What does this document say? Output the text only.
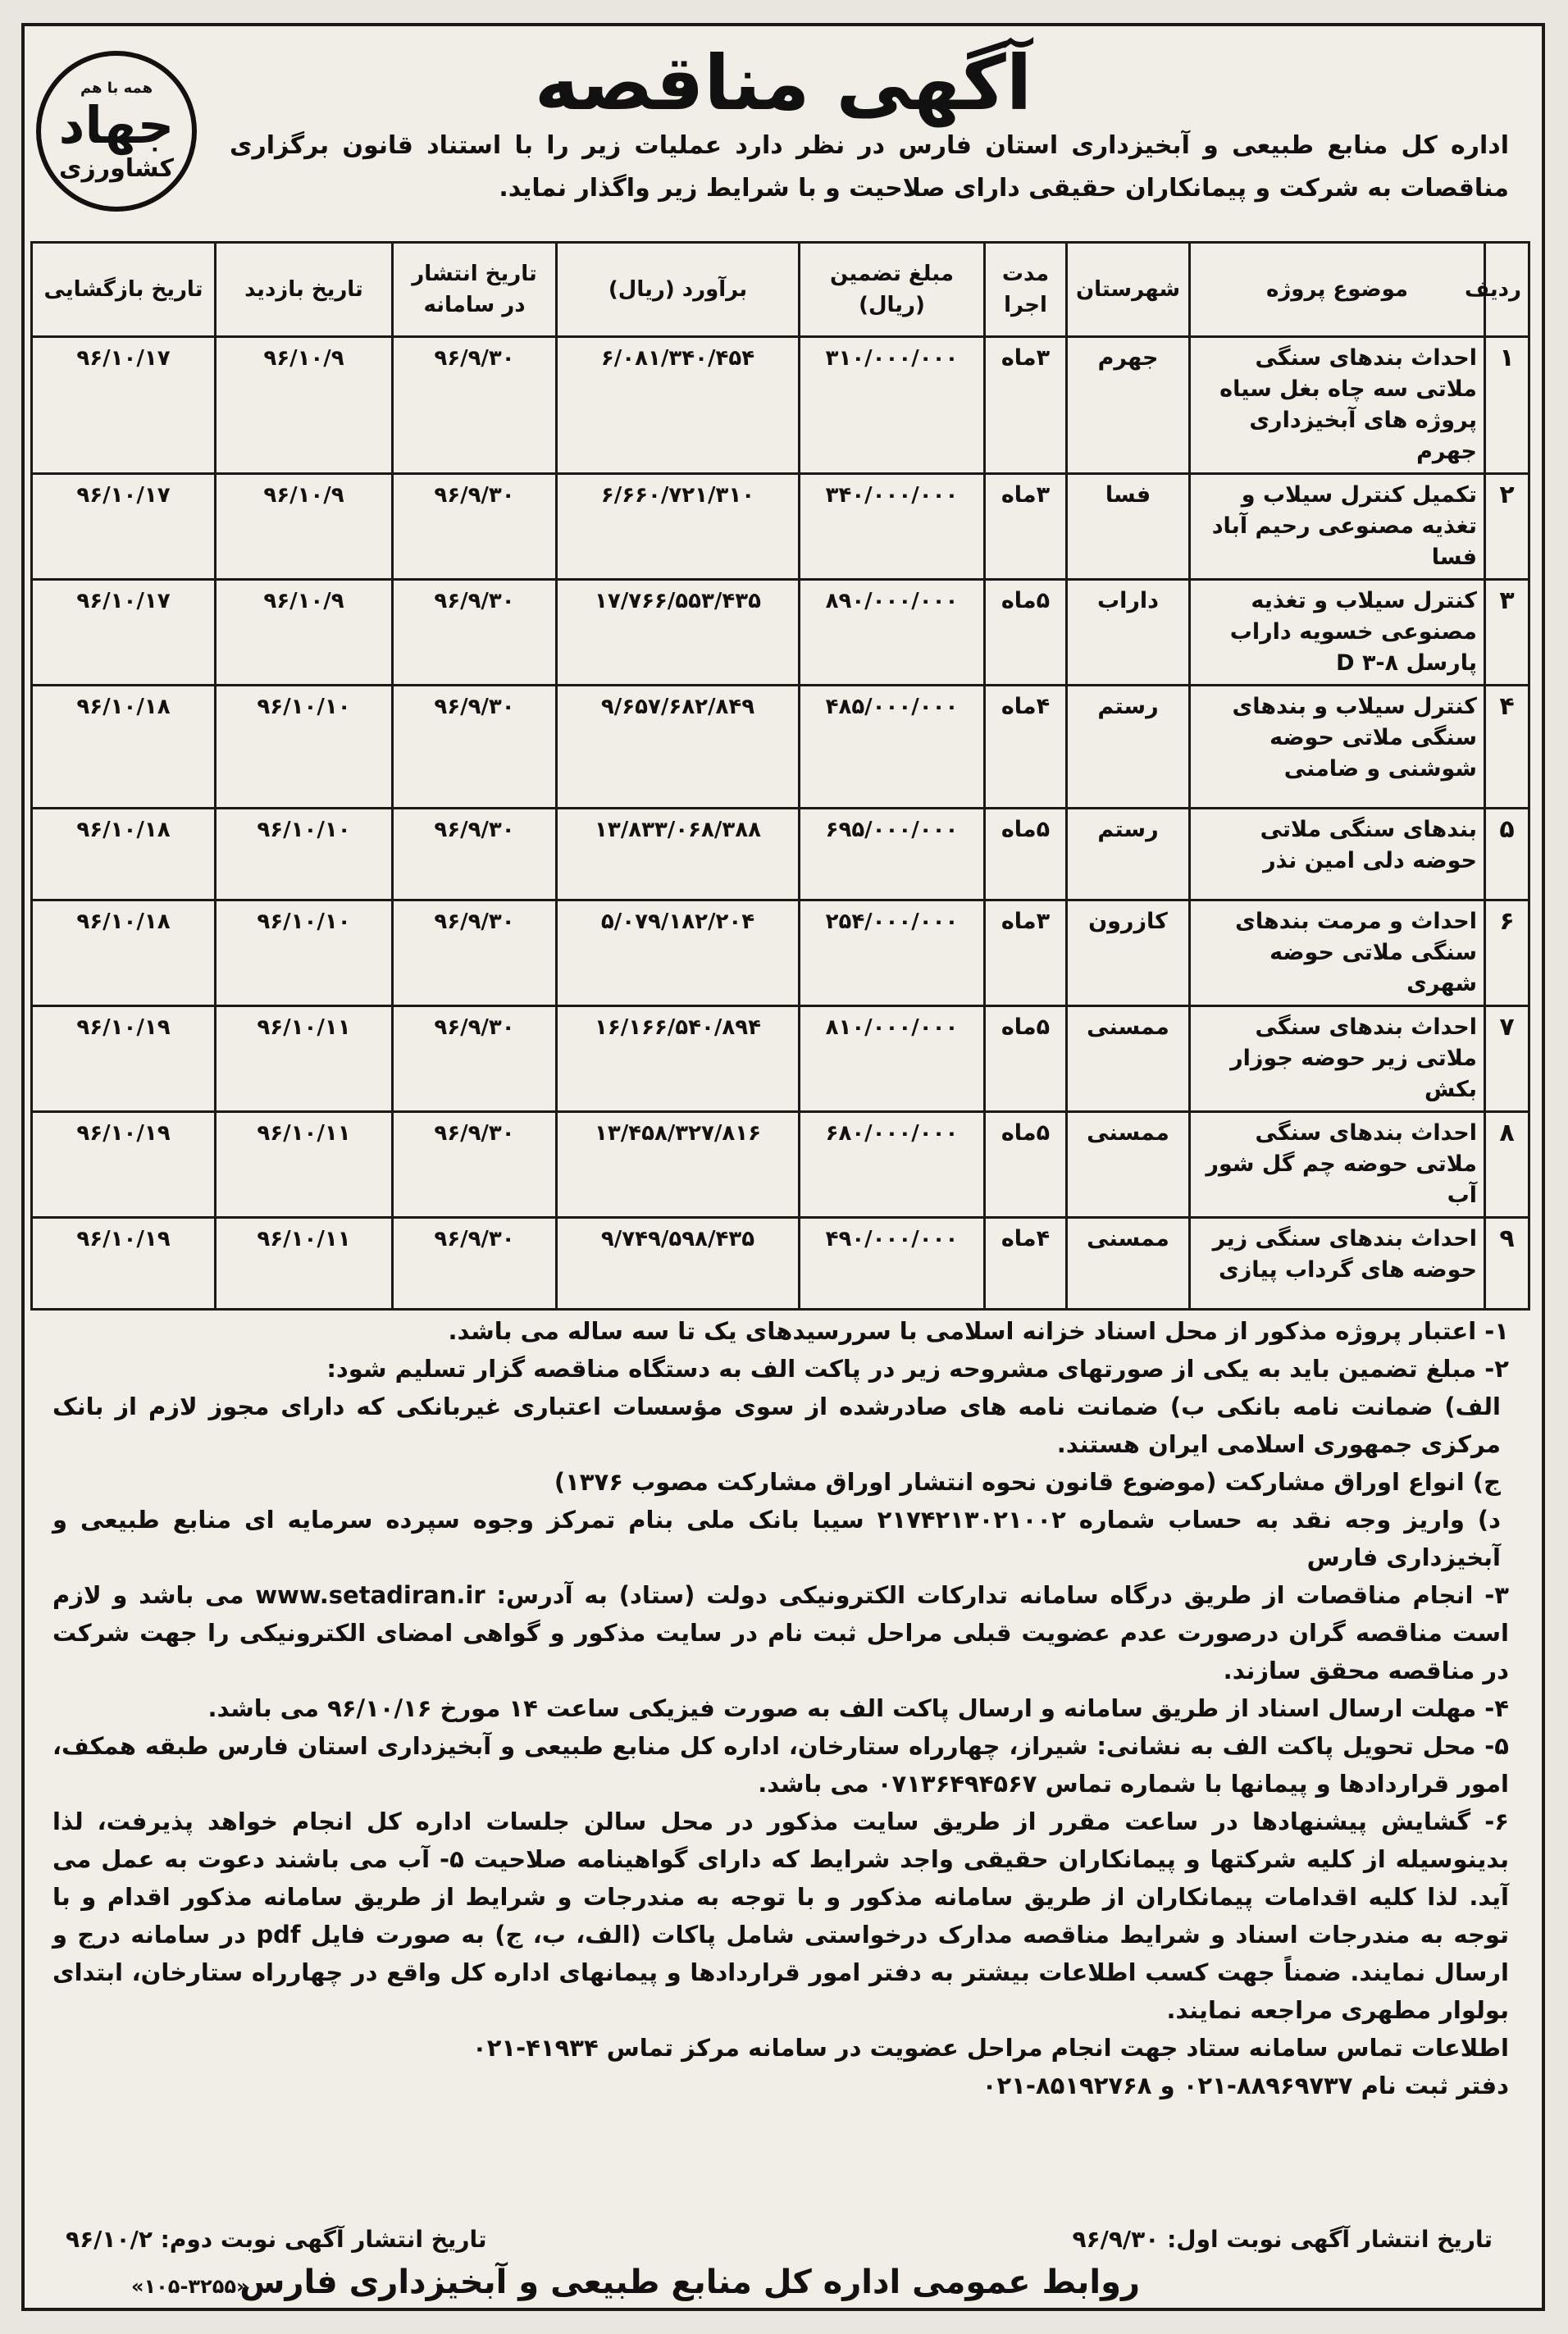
همه با هم
جهاد
کشاورزی
آگهی مناقصه

اداره کل منابع طبیعی و آبخیزداری استان فارس در نظر دارد عملیات زیر را با استناد قانون برگزاری مناقصات به شرکت و پیمانکاران حقیقی دارای صلاحیت و با شرایط زیر واگذار نماید.

ردیف	موضوع پروژه	شهرستان	مدت اجرا	مبلغ تضمین (ریال)	برآورد (ریال)	تاریخ انتشار در سامانه	تاریخ بازدید	تاریخ بازگشایی
۱	احداث بندهای سنگی ملاتی سه چاه بغل سیاه پروژه های آبخیزداری جهرم	جهرم	۳ماه	۳۱۰/۰۰۰/۰۰۰	۶/۰۸۱/۳۴۰/۴۵۴	۹۶/۹/۳۰	۹۶/۱۰/۹	۹۶/۱۰/۱۷
۲	تکمیل کنترل سیلاب و تغذیه مصنوعی رحیم آباد فسا	فسا	۳ماه	۳۴۰/۰۰۰/۰۰۰	۶/۶۶۰/۷۲۱/۳۱۰	۹۶/۹/۳۰	۹۶/۱۰/۹	۹۶/۱۰/۱۷
۳	کنترل سیلاب و تغذیه مصنوعی خسویه داراب پارسل D ۳-۸	داراب	۵ماه	۸۹۰/۰۰۰/۰۰۰	۱۷/۷۶۶/۵۵۳/۴۳۵	۹۶/۹/۳۰	۹۶/۱۰/۹	۹۶/۱۰/۱۷
۴	کنترل سیلاب و بندهای سنگی ملاتی حوضه شوشنی و ضامنی	رستم	۴ماه	۴۸۵/۰۰۰/۰۰۰	۹/۶۵۷/۶۸۲/۸۴۹	۹۶/۹/۳۰	۹۶/۱۰/۱۰	۹۶/۱۰/۱۸
۵	بندهای سنگی ملاتی حوضه دلی امین نذر	رستم	۵ماه	۶۹۵/۰۰۰/۰۰۰	۱۳/۸۳۳/۰۶۸/۳۸۸	۹۶/۹/۳۰	۹۶/۱۰/۱۰	۹۶/۱۰/۱۸
۶	احداث و مرمت بندهای سنگی ملاتی حوضه شهری	کازرون	۳ماه	۲۵۴/۰۰۰/۰۰۰	۵/۰۷۹/۱۸۲/۲۰۴	۹۶/۹/۳۰	۹۶/۱۰/۱۰	۹۶/۱۰/۱۸
۷	احداث بندهای سنگی ملاتی زیر حوضه جوزار بکش	ممسنی	۵ماه	۸۱۰/۰۰۰/۰۰۰	۱۶/۱۶۶/۵۴۰/۸۹۴	۹۶/۹/۳۰	۹۶/۱۰/۱۱	۹۶/۱۰/۱۹
۸	احداث بندهای سنگی ملاتی حوضه چم گل شور آب	ممسنی	۵ماه	۶۸۰/۰۰۰/۰۰۰	۱۳/۴۵۸/۳۲۷/۸۱۶	۹۶/۹/۳۰	۹۶/۱۰/۱۱	۹۶/۱۰/۱۹
۹	احداث بندهای سنگی زیر حوضه های گرداب پیازی	ممسنی	۴ماه	۴۹۰/۰۰۰/۰۰۰	۹/۷۴۹/۵۹۸/۴۳۵	۹۶/۹/۳۰	۹۶/۱۰/۱۱	۹۶/۱۰/۱۹

۱- اعتبار پروژه مذکور از محل اسناد خزانه اسلامی با سررسیدهای یک تا سه ساله می باشد.

۲- مبلغ تضمین باید به یکی از صورتهای مشروحه زیر در پاکت الف به دستگاه مناقصه گزار تسلیم شود:

الف) ضمانت نامه بانکی ب) ضمانت نامه های صادرشده از سوی مؤسسات اعتباری غیربانکی که دارای مجوز لازم از بانک مرکزی جمهوری اسلامی ایران هستند.

ج) انواع اوراق مشارکت (موضوع قانون نحوه انتشار اوراق مشارکت مصوب ۱۳۷۶)

د) واریز وجه نقد به حساب شماره ۲۱۷۴۲۱۳۰۲۱۰۰۲ سیبا بانک ملی بنام تمرکز وجوه سپرده سرمایه ای منابع طبیعی و آبخیزداری فارس

۳- انجام مناقصات از طریق درگاه سامانه تدارکات الکترونیکی دولت (ستاد) به آدرس: www.setadiran.ir می باشد و لازم است مناقصه گران درصورت عدم عضویت قبلی مراحل ثبت نام در سایت مذکور و گواهی امضای الکترونیکی را جهت شرکت در مناقصه محقق سازند.

۴- مهلت ارسال اسناد از طریق سامانه و ارسال پاکت الف به صورت فیزیکی ساعت ۱۴ مورخ ۹۶/۱۰/۱۶ می باشد.

۵- محل تحویل پاکت الف به نشانی: شیراز، چهارراه ستارخان، اداره کل منابع طبیعی و آبخیزداری استان فارس طبقه همکف، امور قراردادها و پیمانها با شماره تماس ۰۷۱۳۶۴۹۴۵۶۷ می باشد.

۶- گشایش پیشنهادها در ساعت مقرر از طریق سایت مذکور در محل سالن جلسات اداره کل انجام خواهد پذیرفت، لذا بدینوسیله از کلیه شرکتها و پیمانکاران حقیقی واجد شرایط که دارای گواهینامه صلاحیت ۵- آب می باشند دعوت به عمل می آید. لذا کلیه اقدامات پیمانکاران از طریق سامانه مذکور و با توجه به مندرجات و شرایط از طریق سامانه مذکور اقدام و با توجه به مندرجات اسناد و شرایط مناقصه مدارک درخواستی شامل پاکات (الف، ب، ج) به صورت فایل pdf در سامانه درج و ارسال نمایند. ضمناً جهت کسب اطلاعات بیشتر به دفتر امور قراردادها و پیمانهای اداره کل واقع در چهارراه ستارخان، ابتدای بولوار مطهری مراجعه نمایند.

اطلاعات تماس سامانه ستاد جهت انجام مراحل عضویت در سامانه مرکز تماس ۴۱۹۳۴-۰۲۱

دفتر ثبت نام ۸۸۹۶۹۷۳۷-۰۲۱ و ۸۵۱۹۲۷۶۸-۰۲۱

تاریخ انتشار آگهی نوبت اول: ۹۶/۹/۳۰
تاریخ انتشار آگهی نوبت دوم: ۹۶/۱۰/۲
روابط عمومی اداره کل منابع طبیعی و آبخیزداری فارس
«۱۰۵-۳۲۵۵»
